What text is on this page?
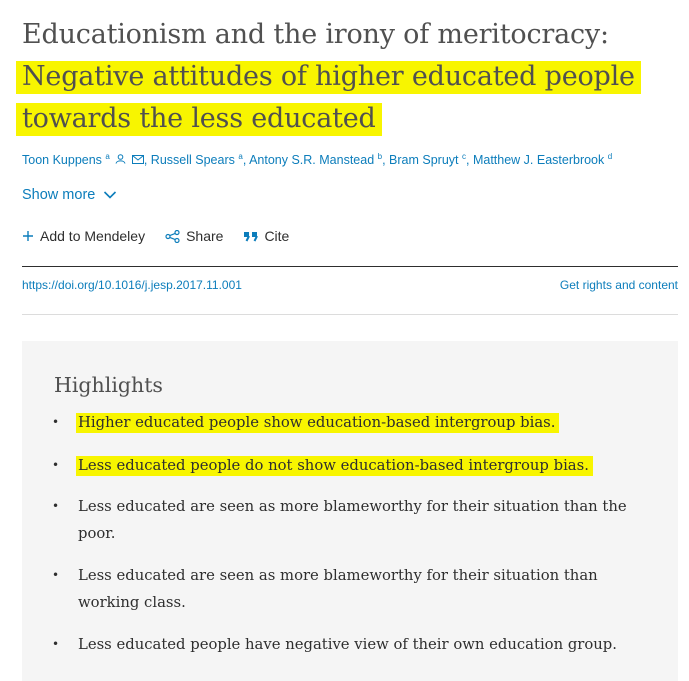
Educationism and the irony of meritocracy:
Negative attitudes of higher educated people
towards the less educated
Toon Kuppens $^a$	, Russell Spears $^a$, Antony S.R. Manstead $^b$, Bram Spruyt $^c$, Matthew J. Easterbrook $^d$
Show more
Add to Mendeley	Share	Cite
https://doi.org/10.1016/j.jesp.2017.11.001	Get rights and content
Highlights
• Higher educated people show education-based intergroup bias.
• Less educated people do not show education-based intergroup bias.
• Less educated are seen as more blameworthy for their situation than the poor.
• Less educated are seen as more blameworthy for their situation than working class.
• Less educated people have negative view of their own education group.
